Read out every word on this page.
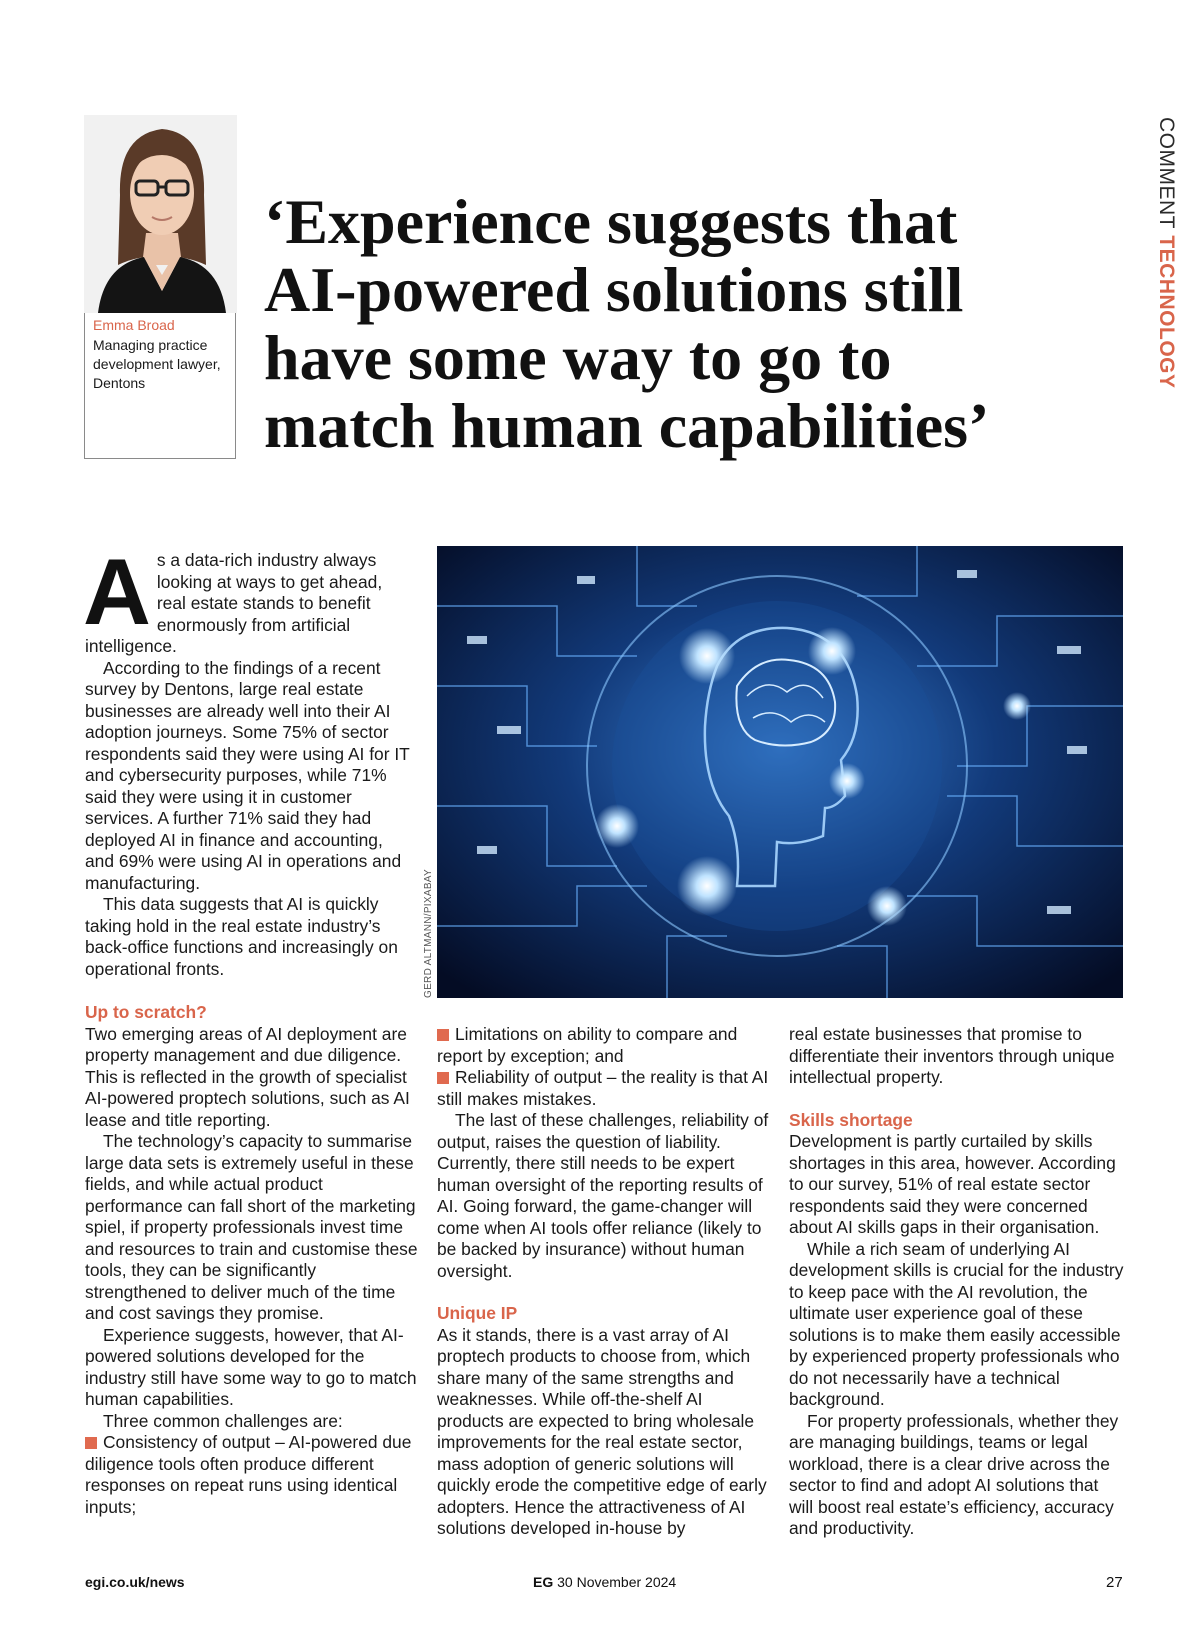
COMMENT TECHNOLOGY
Emma Broad
Managing practice
development lawyer,
Dentons
‘Experience suggests that
AI-powered solutions still
have some way to go to
match human capabilities’
GERD ALTMANN/PIXABAY

As a data-rich industry always looking at ways to get ahead, real estate stands to benefit enormously from artificial intelligence.

According to the findings of a recent survey by Dentons, large real estate businesses are already well into their AI adoption journeys. Some 75% of sector respondents said they were using AI for IT and cybersecurity purposes, while 71% said they were using it in customer services. A further 71% said they had deployed AI in finance and accounting, and 69% were using AI in operations and manufacturing.

This data suggests that AI is quickly taking hold in the real estate industry’s back-office functions and increasingly on operational fronts.

Up to scratch?

Two emerging areas of AI deployment are property management and due diligence. This is reflected in the growth of specialist AI-powered proptech solutions, such as AI lease and title reporting.

The technology’s capacity to summarise large data sets is extremely useful in these fields, and while actual product performance can fall short of the marketing spiel, if property professionals invest time and resources to train and customise these tools, they can be significantly strengthened to deliver much of the time and cost savings they promise.

Experience suggests, however, that AI-powered solutions developed for the industry still have some way to go to match human capabilities.

Three common challenges are:

Consistency of output – AI-powered due diligence tools often produce different responses on repeat runs using identical inputs;

Limitations on ability to compare and report by exception; and

Reliability of output – the reality is that AI still makes mistakes.

The last of these challenges, reliability of output, raises the question of liability. Currently, there still needs to be expert human oversight of the reporting results of AI. Going forward, the game-changer will come when AI tools offer reliance (likely to be backed by insurance) without human oversight.

Unique IP

As it stands, there is a vast array of AI proptech products to choose from, which share many of the same strengths and weaknesses. While off-the-shelf AI products are expected to bring wholesale improvements for the real estate sector, mass adoption of generic solutions will quickly erode the competitive edge of early adopters. Hence the attractiveness of AI solutions developed in-house by

real estate businesses that promise to differentiate their inventors through unique intellectual property.

Skills shortage

Development is partly curtailed by skills shortages in this area, however. According to our survey, 51% of real estate sector respondents said they were concerned about AI skills gaps in their organisation.

While a rich seam of underlying AI development skills is crucial for the industry to keep pace with the AI revolution, the ultimate user experience goal of these solutions is to make them easily accessible by experienced property professionals who do not necessarily have a technical background.

For property professionals, whether they are managing buildings, teams or legal workload, there is a clear drive across the sector to find and adopt AI solutions that will boost real estate’s efficiency, accuracy and productivity.

egi.co.uk/news	EG 30 November 2024	27
